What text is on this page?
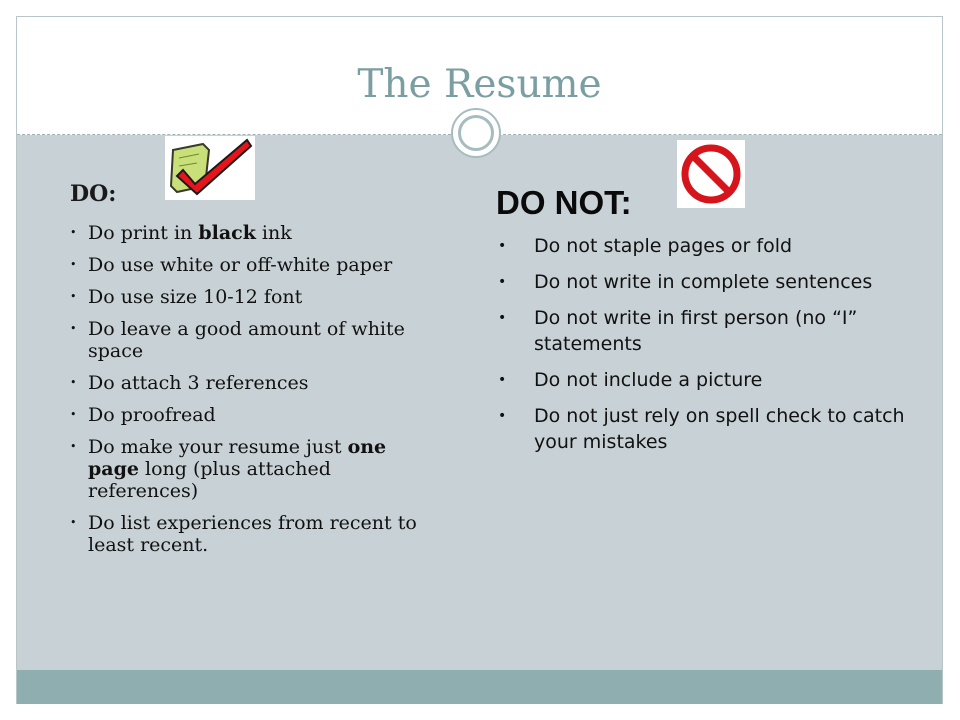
The Resume
DO:
• Do print in black ink
• Do use white or off-white paper
• Do use size 10-12 font
• Do leave a good amount of white space
• Do attach 3 references
• Do proofread
• Do make your resume just one page long (plus attached references)
• Do list experiences from recent to least recent.
DO NOT:
• Do not staple pages or fold
• Do not write in complete sentences
• Do not write in first person (no “I” statements
• Do not include a picture
• Do not just rely on spell check to catch your mistakes
